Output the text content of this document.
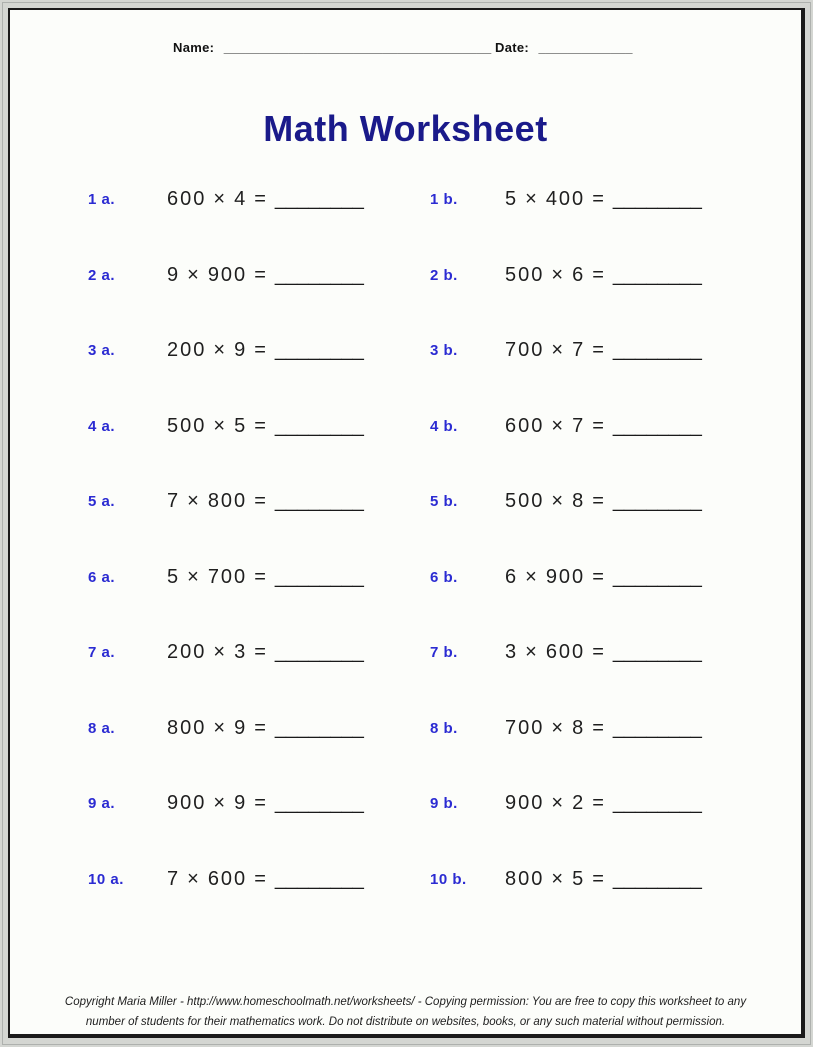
Name: _____________________________________ Date: _____________
Math Worksheet
1 a.	600 × 4 = ________	1 b.	5 × 400 = ________
2 a.	9 × 900 = ________	2 b.	500 × 6 = ________
3 a.	200 × 9 = ________	3 b.	700 × 7 = ________
4 a.	500 × 5 = ________	4 b.	600 × 7 = ________
5 a.	7 × 800 = ________	5 b.	500 × 8 = ________
6 a.	5 × 700 = ________	6 b.	6 × 900 = ________
7 a.	200 × 3 = ________	7 b.	3 × 600 = ________
8 a.	800 × 9 = ________	8 b.	700 × 8 = ________
9 a.	900 × 9 = ________	9 b.	900 × 2 = ________
10 a.	7 × 600 = ________	10 b.	800 × 5 = ________
Copyright Maria Miller - http://www.homeschoolmath.net/worksheets/ - Copying permission: You are free to copy this worksheet to any
number of students for their mathematics work. Do not distribute on websites, books, or any such material without permission.
